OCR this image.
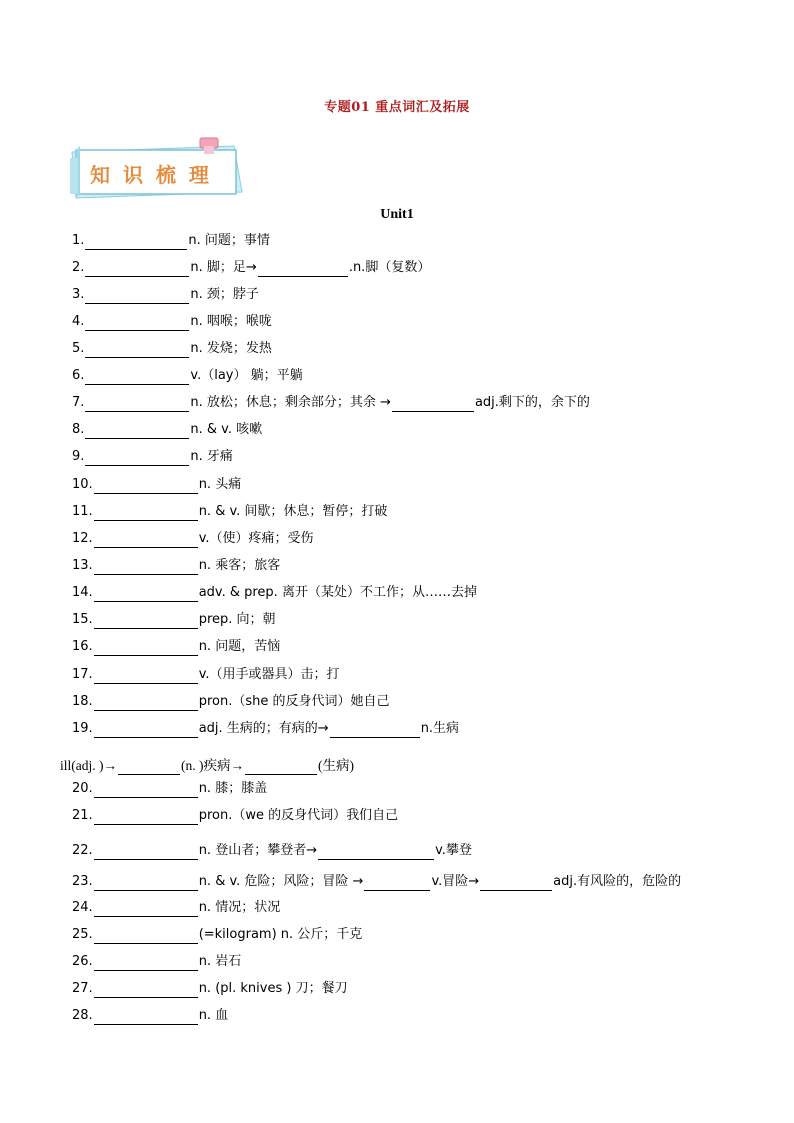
专题01 重点词汇及拓展
知 识 梳 理
Unit1
1.	n. 问题；事情
2.	n. 脚；足→	.n.脚（复数）
3.	n. 颈；脖子
4.	n. 咽喉；喉咙
5.	n. 发烧；发热
6.	v.（lay） 躺；平躺
7.	n. 放松；休息；剩余部分；其余 →	adj.剩下的，余下的
8.	n. & v. 咳嗽
9.	n. 牙痛
10.	n. 头痛
11.	n. & v. 间歇；休息；暂停；打破
12.	v.（使）疼痛；受伤
13.	n. 乘客；旅客
14.	adv. & prep. 离开（某处）不工作；从……去掉
15.	prep. 向；朝
16.	n. 问题，苦恼
17.	v.（用手或器具）击；打
18.	pron.（she 的反身代词）她自己
19.	adj. 生病的；有病的→	n.生病
ill(adj. )→	(n. )疾病→	(生病)
20.	n. 膝；膝盖
21.	pron.（we 的反身代词）我们自己
22.	n. 登山者；攀登者→	v.攀登
23.	n. & v. 危险；风险；冒险 →	v.冒险→	adj.有风险的，危险的
24.	n. 情况；状况
25.	(=kilogram) n. 公斤；千克
26.	n. 岩石
27.	n. (pl. knives ) 刀；餐刀
28.	n. 血
